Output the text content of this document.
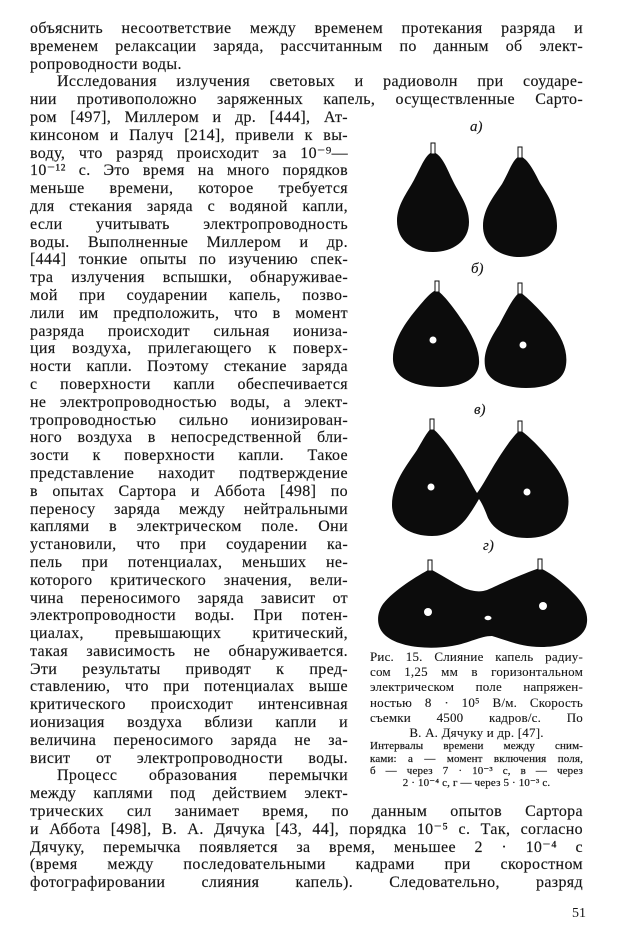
объяснить несоответствие между временем протекания разряда и
временем релаксации заряда, рассчитанным по данным об элект-
ропроводности воды.
Исследования излучения световых и радиоволн при соударе-
нии противоположно заряженных капель, осуществленные Сарто-
ром [497], Миллером и др. [444], Ат-
кинсоном и Палуч [214], привели к вы-
воду, что разряд происходит за 10⁻⁹—
10⁻¹² с. Это время на много порядков
меньше времени, которое требуется
для стекания заряда с водяной капли,
если учитывать электропроводность
воды. Выполненные Миллером и др.
[444] тонкие опыты по изучению спек-
тра излучения вспышки, обнаруживае-
мой при соударении капель, позво-
лили им предположить, что в момент
разряда происходит сильная иониза-
ция воздуха, прилегающего к поверх-
ности капли. Поэтому стекание заряда
с поверхности капли обеспечивается
не электропроводностью воды, а элект-
тропроводностью сильно ионизирован-
ного воздуха в непосредственной бли-
зости к поверхности капли. Такое
представление находит подтверждение
в опытах Сартора и Аббота [498] по
переносу заряда между нейтральными
каплями в электрическом поле. Они
установили, что при соударении ка-
пель при потенциалах, меньших не-
которого критического значения, вели-
чина переносимого заряда зависит от
электропроводности воды. При потен-
циалах, превышающих критический,
такая зависимость не обнаруживается.
Эти результаты приводят к пред-
ставлению, что при потенциалах выше
критического происходит интенсивная
ионизация воздуха вблизи капли и
величина переносимого заряда не за-
висит от электропроводности воды.
Процесс образования перемычки
между каплями под действием элект-
трических сил занимает время, по данным опытов Сартора
и Аббота [498], В. А. Дячука [43, 44], порядка 10⁻⁵ с. Так, согласно
Дячуку, перемычка появляется за время, меньшее 2 · 10⁻⁴ с
(время между последовательными кадрами при скоростном
фотографировании слияния капель). Следовательно, разряд
а)
б)
в)
г)
Рис. 15. Слияние капель радиу-
сом 1,25 мм в горизонтальном
электрическом поле напряжен-
ностью 8 · 10⁵ В/м. Скорость
съемки 4500 кадров/с. По
В. А. Дячуку и др. [47].
Интервалы времени между сним-
ками: а — момент включения поля,
б — через 7 · 10⁻³ с, в — через
2 · 10⁻⁴ с, г — через 5 · 10⁻³ с.
51
